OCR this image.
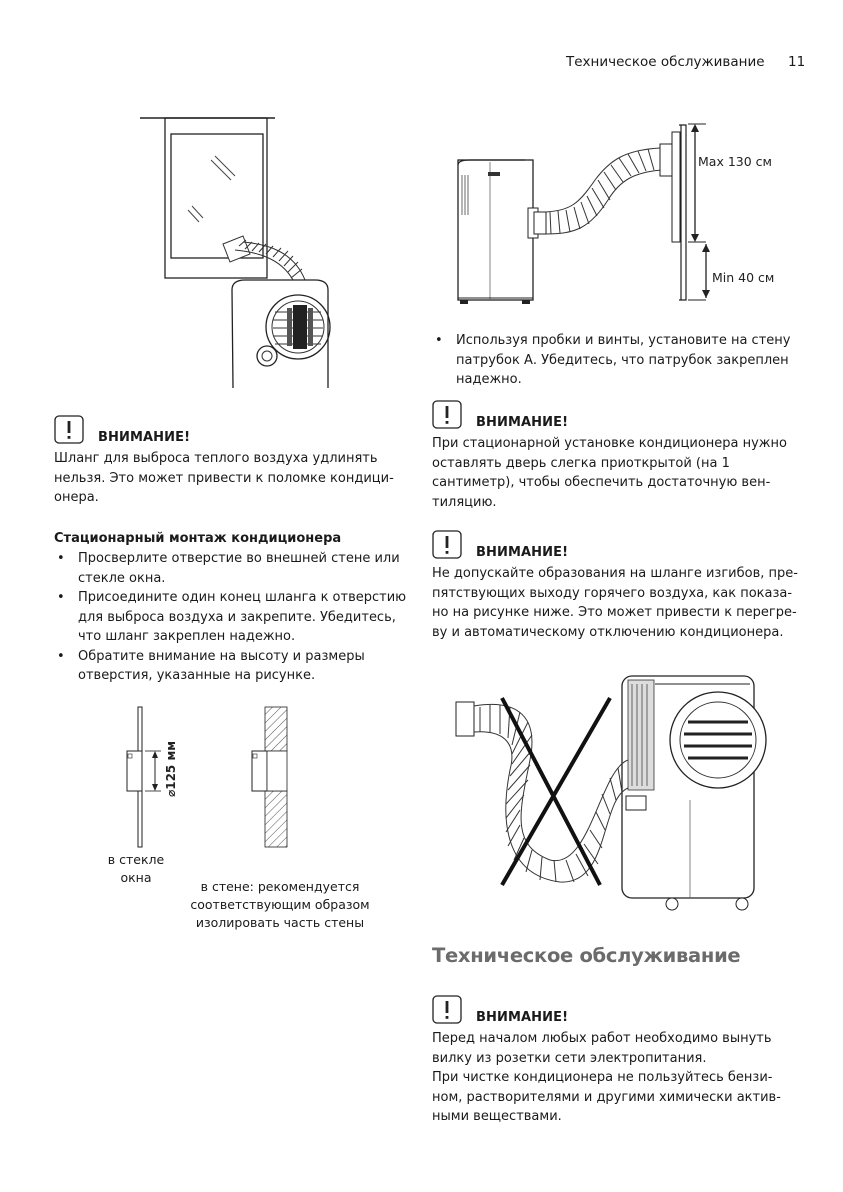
Техническое обслуживание 11
Max 130 см
Min 40 см
• Используя пробки и винты, установите на стену патрубок А. Убедитесь, что патрубок закреплен надежно.
ВНИМАНИЕ!
Шланг для выброса теплого воздуха удлинять нельзя. Это может привести к поломке кондици-онера.
ВНИМАНИЕ!
При стационарной установке кондиционера нужно оставлять дверь слегка приоткрытой (на 1 сантиметр), чтобы обеспечить достаточную вен-тиляцию.
ВНИМАНИЕ!
Не допускайте образования на шланге изгибов, пре-пятствующих выходу горячего воздуха, как показа-но на рисунке ниже. Это может привести к перегре-ву и автоматическому отключению кондиционера.
Стационарный монтаж кондиционера
• Просверлите отверстие во внешней стене или стекле окна.
• Присоедините один конец шланга к отверстию для выброса воздуха и закрепите. Убедитесь, что шланг закреплен надежно.
• Обратите внимание на высоту и размеры отверстия, указанные на рисунке.
⌀125 мм
в стекле окна
в стене: рекомендуется соответствующим образом изолировать часть стены
Техническое обслуживание
ВНИМАНИЕ!
Перед началом любых работ необходимо вынуть вилку из розетки сети электропитания.
При чистке кондиционера не пользуйтесь бензи-ном, растворителями и другими химически актив-ными веществами.
